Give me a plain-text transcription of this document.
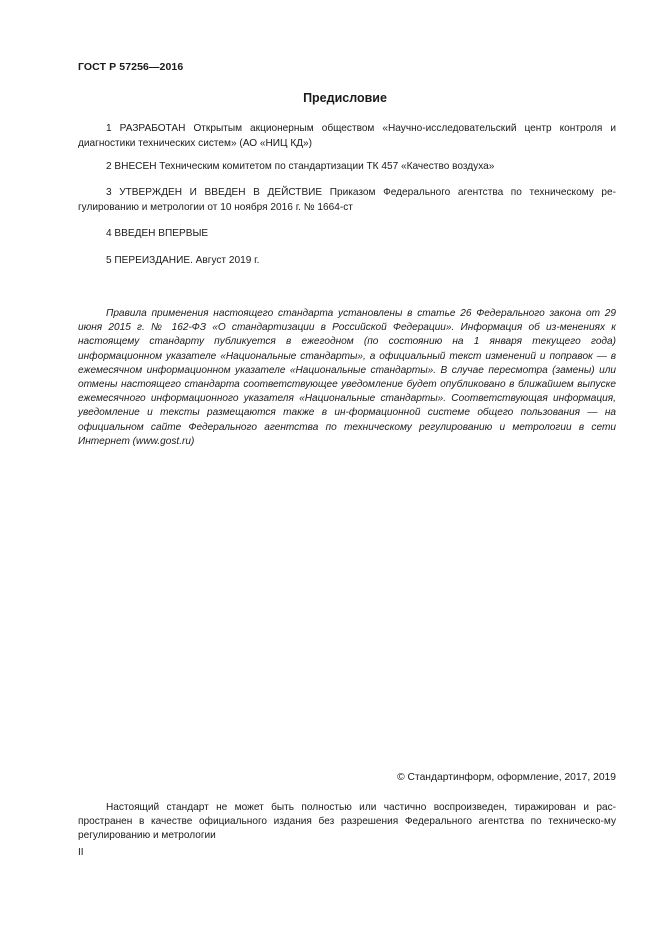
ГОСТ Р 57256—2016
Предисловие
1 РАЗРАБОТАН Открытым акционерным обществом «Научно-исследовательский центр контроля и диагностики технических систем» (АО «НИЦ КД»)
2 ВНЕСЕН Техническим комитетом по стандартизации ТК 457 «Качество воздуха»
3 УТВЕРЖДЕН И ВВЕДЕН В ДЕЙСТВИЕ Приказом Федерального агентства по техническому ре-гулированию и метрологии от 10 ноября 2016 г. № 1664-ст
4 ВВЕДЕН ВПЕРВЫЕ
5 ПЕРЕИЗДАНИЕ. Август 2019 г.
Правила применения настоящего стандарта установлены в статье 26 Федерального закона от 29 июня 2015 г. № 162-ФЗ «О стандартизации в Российской Федерации». Информация об из-менениях к настоящему стандарту публикуется в ежегодном (по состоянию на 1 января текущего года) информационном указателе «Национальные стандарты», а официальный текст изменений и поправок — в ежемесячном информационном указателе «Национальные стандарты». В случае пересмотра (замены) или отмены настоящего стандарта соответствующее уведомление будет опубликовано в ближайшем выпуске ежемесячного информационного указателя «Национальные стандарты». Соответствующая информация, уведомление и тексты размещаются также в ин-формационной системе общего пользования — на официальном сайте Федерального агентства по техническому регулированию и метрологии в сети Интернет (www.gost.ru)
© Стандартинформ, оформление, 2017, 2019
Настоящий стандарт не может быть полностью или частично воспроизведен, тиражирован и рас-пространен в качестве официального издания без разрешения Федерального агентства по техническо-му регулированию и метрологии
II
